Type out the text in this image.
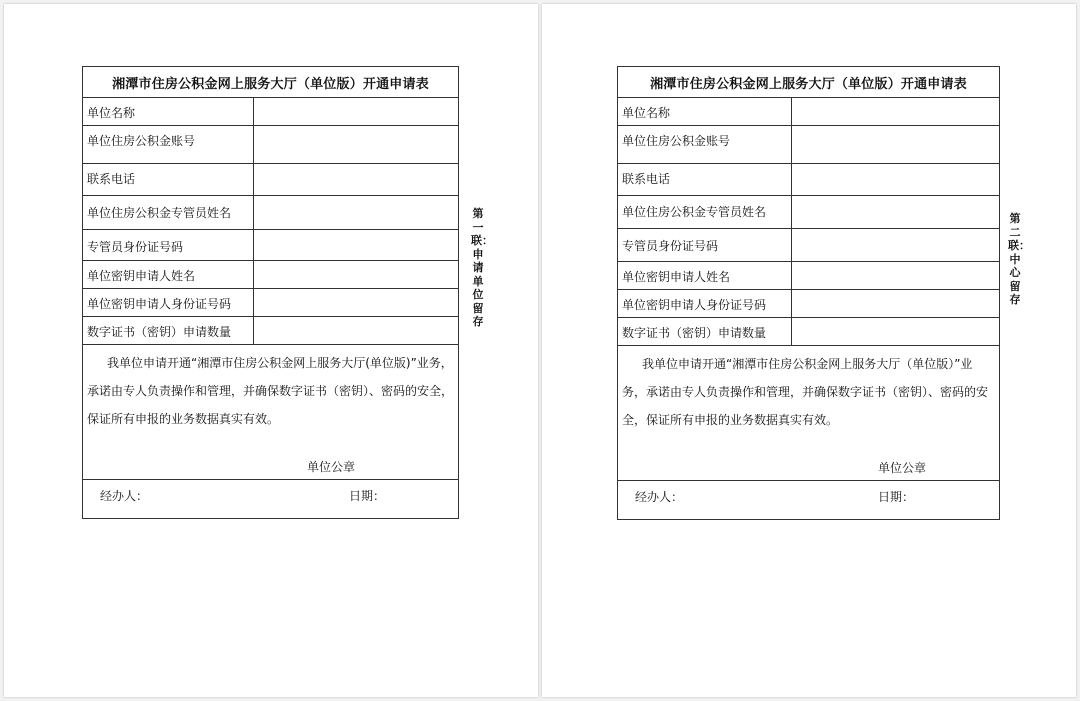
湘潭市住房公积金网上服务大厅（单位版）开通申请表
单位名称
单位住房公积金账号
联系电话
单位住房公积金专管员姓名
专管员身份证号码
单位密钥申请人姓名
单位密钥申请人身份证号码
数字证书（密钥）申请数量
我单位申请开通“湘潭市住房公积金网上服务大厅(单位版)”业务，承诺由专人负责操作和管理，并确保数字证书（密钥）、密码的安全，保证所有申报的业务数据真实有效。
单位公章
经办人：	日期：
第一联：申请单位留存
湘潭市住房公积金网上服务大厅（单位版）开通申请表
单位名称
单位住房公积金账号
联系电话
单位住房公积金专管员姓名
专管员身份证号码
单位密钥申请人姓名
单位密钥申请人身份证号码
数字证书（密钥）申请数量
我单位申请开通“湘潭市住房公积金网上服务大厅（单位版）”业务，承诺由专人负责操作和管理，并确保数字证书（密钥）、密码的安全，保证所有申报的业务数据真实有效。
单位公章
经办人：	日期：
第二联：中心留存
